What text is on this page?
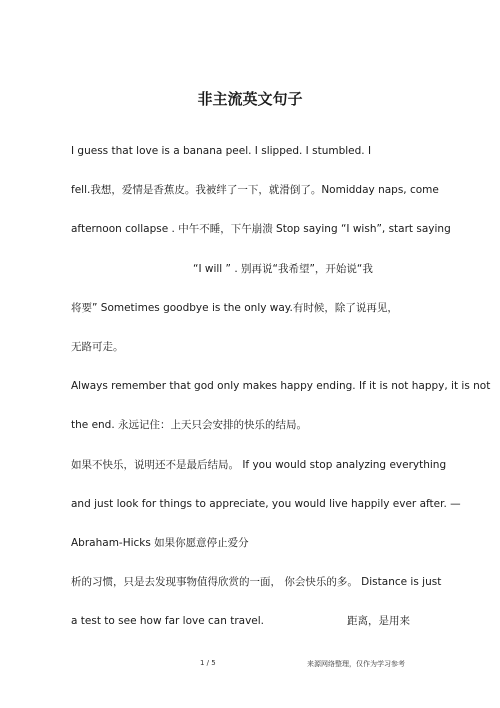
非主流英文句子
I guess that love is a banana peel. I slipped. I stumbled. I
fell.我想，爱情是香蕉皮。我被绊了一下，就滑倒了。Nomidday naps, come
afternoon collapse . 中午不睡，下午崩溃 Stop saying “I wish”, start saying
“I will ” . 别再说“我希望”，开始说“我
将要” Sometimes goodbye is the only way.有时候，除了说再见，
无路可走。
Always remember that god only makes happy ending. If it is not happy, it is not
the end. 永远记住：上天只会安排的快乐的结局。
如果不快乐，说明还不是最后结局。 If you would stop analyzing everything
and just look for things to appreciate, you would live happily ever after. —
Abraham-Hicks 如果你愿意停止爱分
析的习惯，只是去发现事物值得欣赏的一面， 你会快乐的多。 Distance is just
a test to see how far love can travel.	距离，是用来
1 / 5	来源网络整理，仅作为学习参考
